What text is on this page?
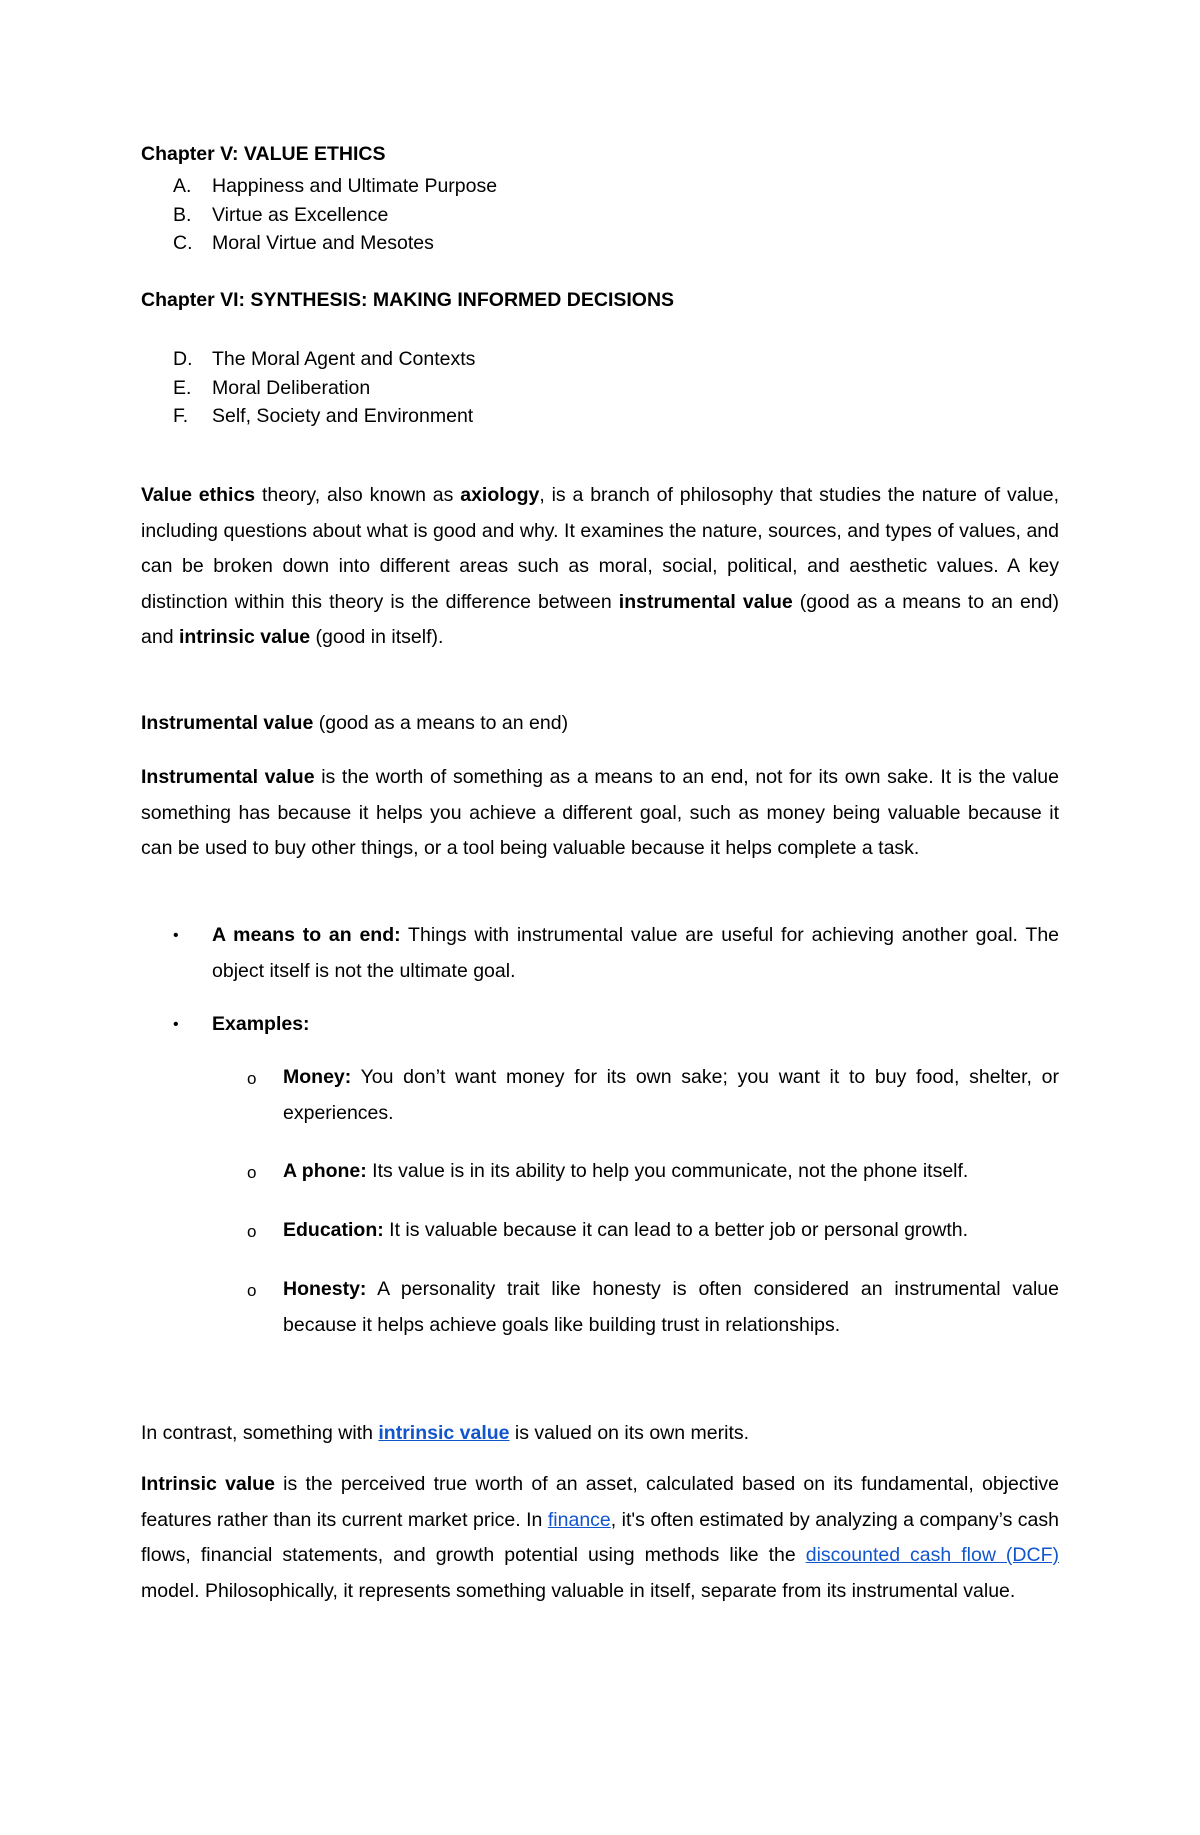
Chapter V: VALUE ETHICS
A. Happiness and Ultimate Purpose
B. Virtue as Excellence
C. Moral Virtue and Mesotes
Chapter VI: SYNTHESIS: MAKING INFORMED DECISIONS
D. The Moral Agent and Contexts
E. Moral Deliberation
F. Self, Society and Environment
Value ethics theory, also known as axiology, is a branch of philosophy that studies the nature of value, including questions about what is good and why. It examines the nature, sources, and types of values, and can be broken down into different areas such as moral, social, political, and aesthetic values. A key distinction within this theory is the difference between instrumental value (good as a means to an end) and intrinsic value (good in itself).
Instrumental value (good as a means to an end)
Instrumental value is the worth of something as a means to an end, not for its own sake. It is the value something has because it helps you achieve a different goal, such as money being valuable because it can be used to buy other things, or a tool being valuable because it helps complete a task.
• A means to an end: Things with instrumental value are useful for achieving another goal. The object itself is not the ultimate goal.
• Examples:
o Money: You don’t want money for its own sake; you want it to buy food, shelter, or experiences.
o A phone: Its value is in its ability to help you communicate, not the phone itself.
o Education: It is valuable because it can lead to a better job or personal growth.
o Honesty: A personality trait like honesty is often considered an instrumental value because it helps achieve goals like building trust in relationships.
In contrast, something with intrinsic value is valued on its own merits.
Intrinsic value is the perceived true worth of an asset, calculated based on its fundamental, objective features rather than its current market price. In finance, it's often estimated by analyzing a company’s cash flows, financial statements, and growth potential using methods like the discounted cash flow (DCF) model. Philosophically, it represents something valuable in itself, separate from its instrumental value.
